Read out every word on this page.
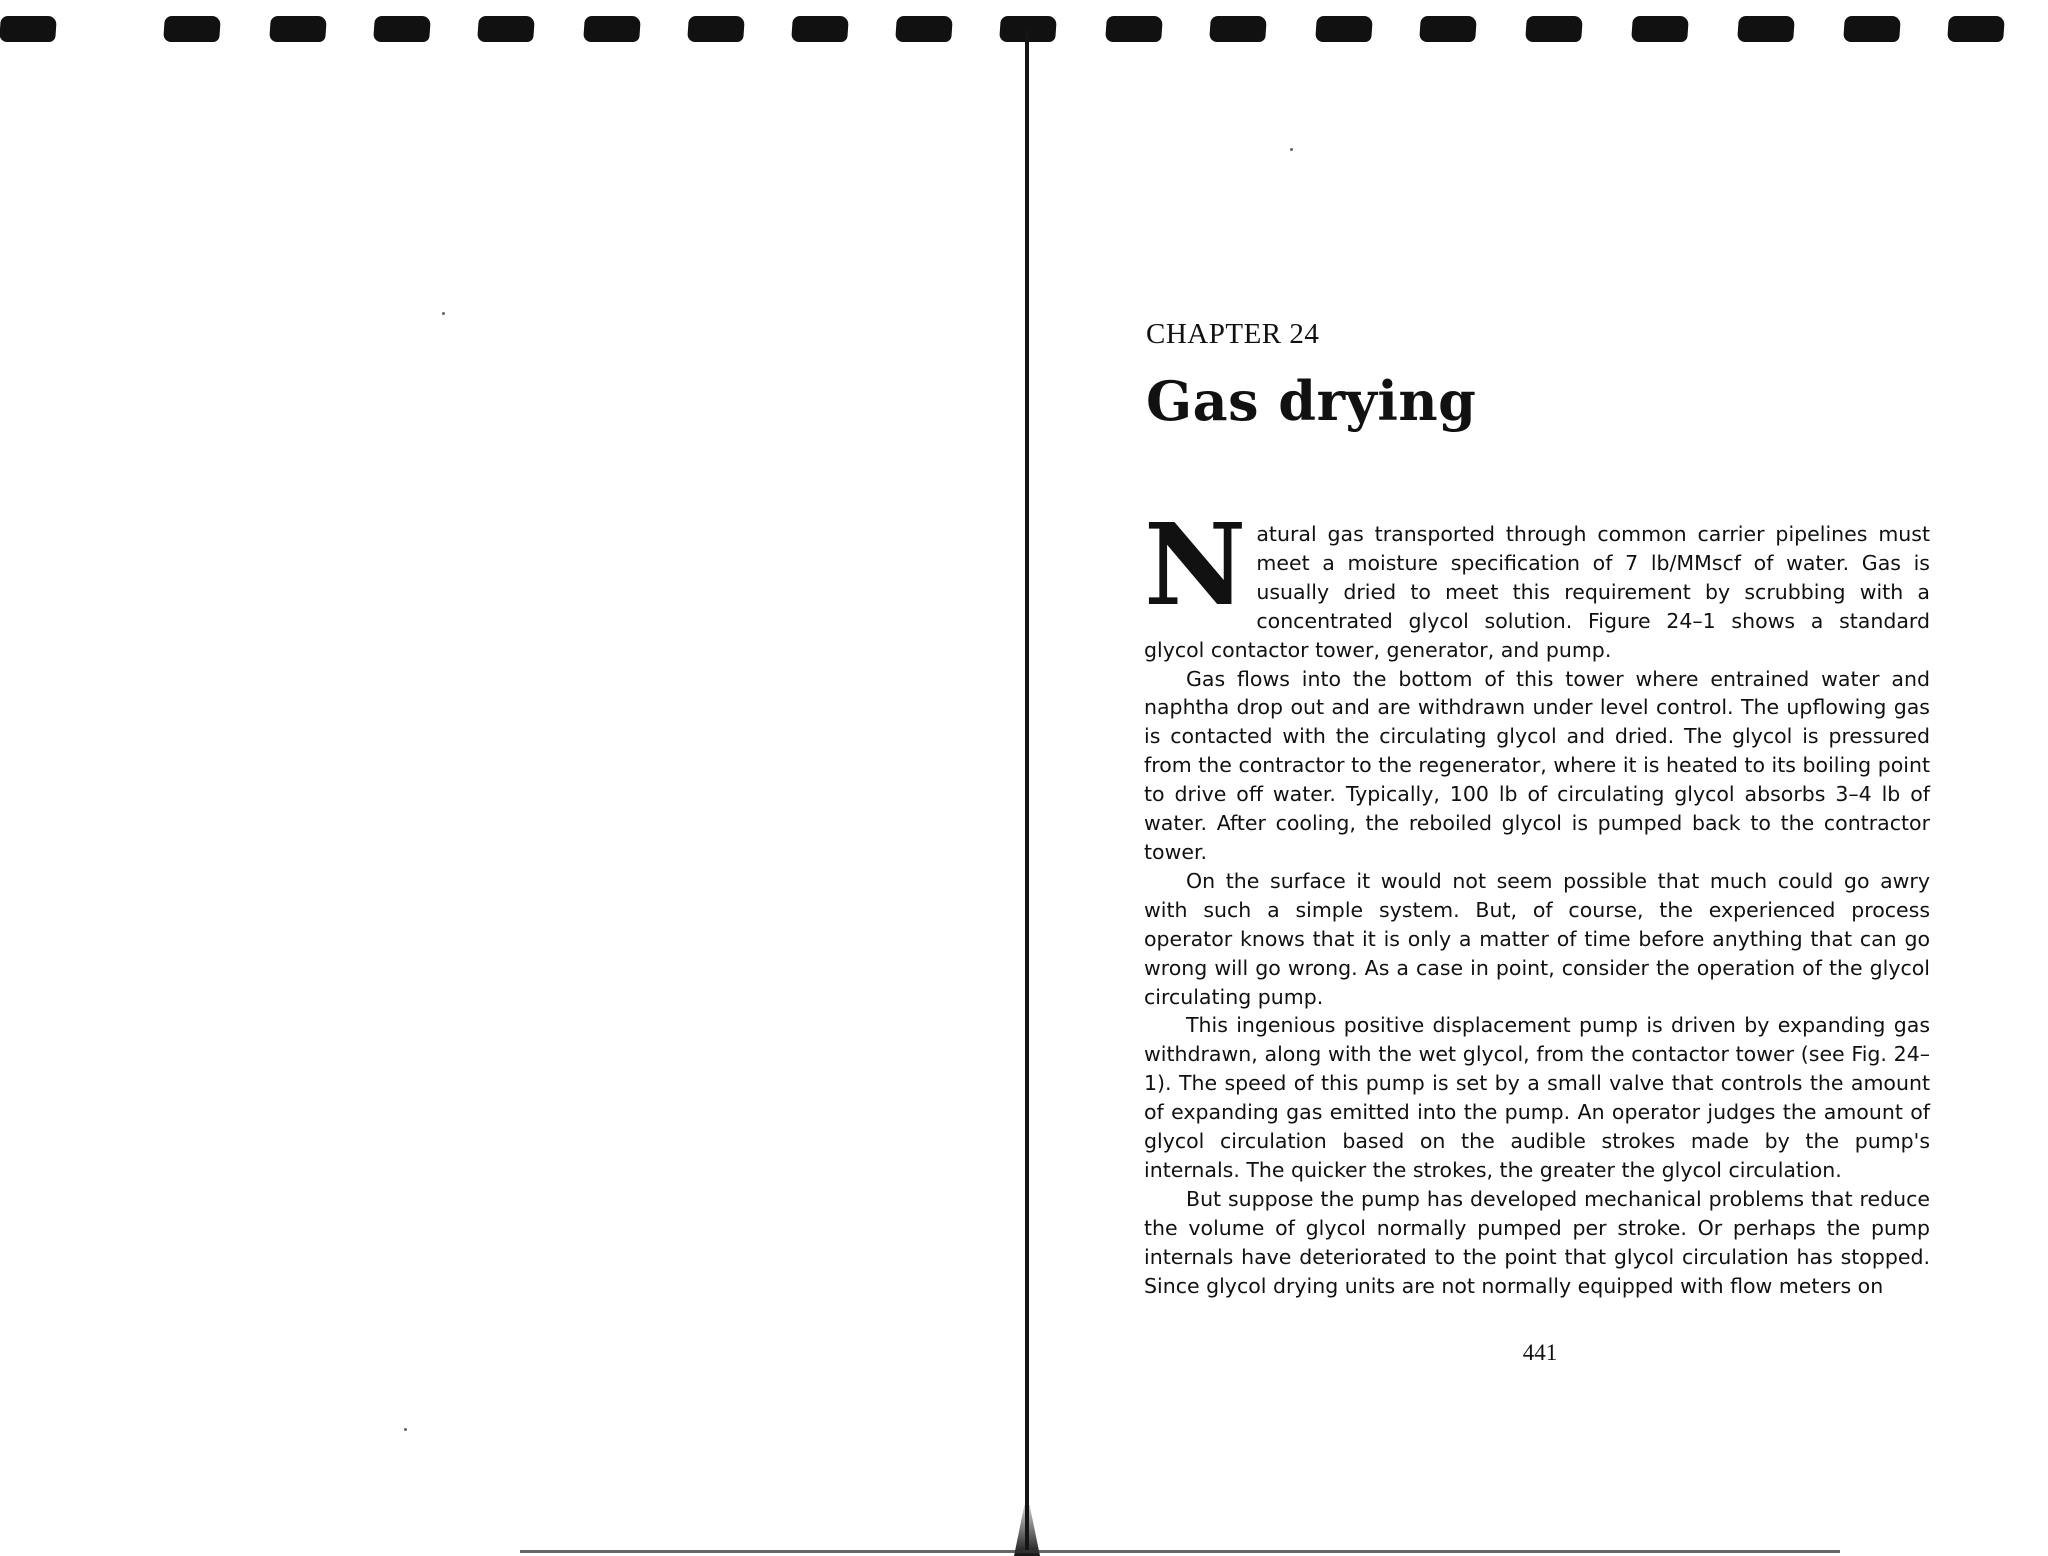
CHAPTER 24

Gas drying

Natural gas transported through common carrier pipelines must meet a moisture specification of 7 lb/MMscf of water. Gas is usually dried to meet this requirement by scrubbing with a concentrated glycol solution. Figure 24–1 shows a standard glycol contactor tower, generator, and pump.

Gas flows into the bottom of this tower where entrained water and naphtha drop out and are withdrawn under level control. The upflowing gas is contacted with the circulating glycol and dried. The glycol is pressured from the contractor to the regenerator, where it is heated to its boiling point to drive off water. Typically, 100 lb of circulating glycol absorbs 3–4 lb of water. After cooling, the reboiled glycol is pumped back to the contractor tower.

On the surface it would not seem possible that much could go awry with such a simple system. But, of course, the experienced process operator knows that it is only a matter of time before anything that can go wrong will go wrong. As a case in point, consider the operation of the glycol circulating pump.

This ingenious positive displacement pump is driven by expanding gas withdrawn, along with the wet glycol, from the contactor tower (see Fig. 24–1). The speed of this pump is set by a small valve that controls the amount of expanding gas emitted into the pump. An operator judges the amount of glycol circulation based on the audible strokes made by the pump's internals. The quicker the strokes, the greater the glycol circulation.

But suppose the pump has developed mechanical problems that reduce the volume of glycol normally pumped per stroke. Or perhaps the pump internals have deteriorated to the point that glycol circulation has stopped. Since glycol drying units are not normally equipped with flow meters on

441
